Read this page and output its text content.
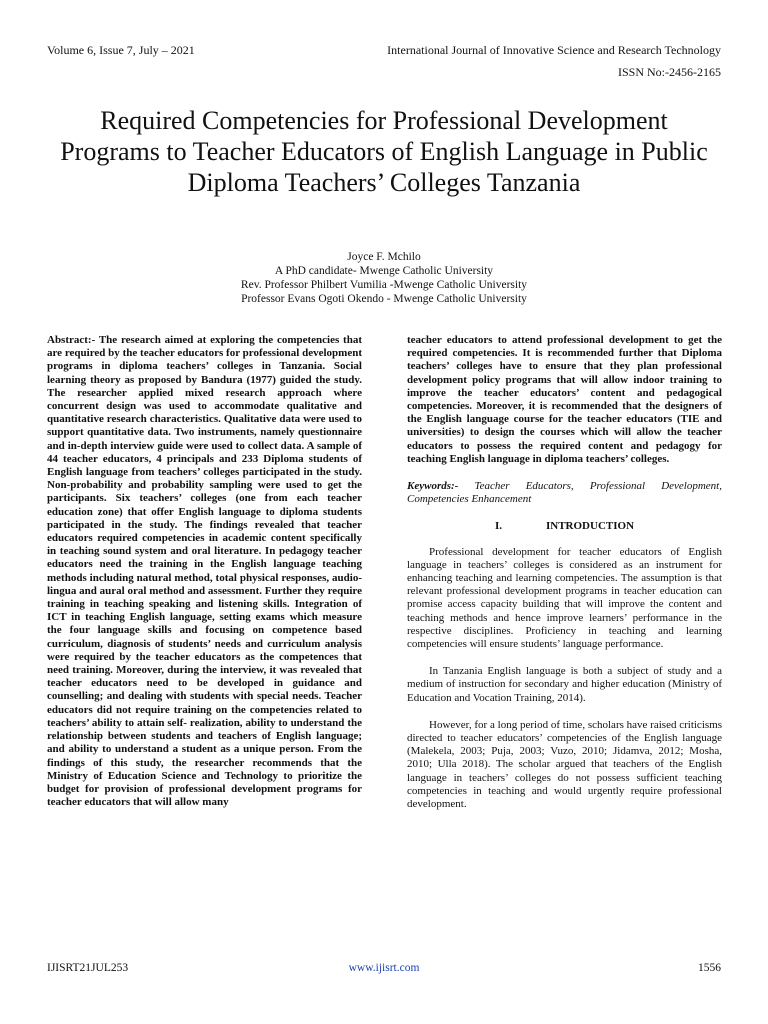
Volume 6, Issue 7, July – 2021	International Journal of Innovative Science and Research Technology
ISSN No:-2456-2165
Required Competencies for Professional Development Programs to Teacher Educators of English Language in Public Diploma Teachers’ Colleges Tanzania
Joyce F. Mchilo
A PhD candidate- Mwenge Catholic University
Rev. Professor Philbert Vumilia -Mwenge Catholic University
Professor Evans Ogoti Okendo - Mwenge Catholic University

Abstract:- The research aimed at exploring the competencies that are required by the teacher educators for professional development programs in diploma teachers’ colleges in Tanzania. Social learning theory as proposed by Bandura (1977) guided the study. The researcher applied mixed research approach where concurrent design was used to accommodate qualitative and quantitative research characteristics. Qualitative data were used to support quantitative data. Two instruments, namely questionnaire and in-depth interview guide were used to collect data. A sample of 44 teacher educators, 4 principals and 233 Diploma students of English language from teachers’ colleges participated in the study. Non-probability and probability sampling were used to get the participants. Six teachers’ colleges (one from each teacher education zone) that offer English language to diploma students participated in the study. The findings revealed that teacher educators required competencies in academic content specifically in teaching sound system and oral literature. In pedagogy teacher educators need the training in the English language teaching methods including natural method, total physical responses, audio- lingua and aural oral method and assessment. Further they require training in teaching speaking and listening skills. Integration of ICT in teaching English language, setting exams which measure the four language skills and focusing on competence based curriculum, diagnosis of students’ needs and curriculum analysis were required by the teacher educators as the competences that need training. Moreover, during the interview, it was revealed that teacher educators need to be developed in guidance and counselling; and dealing with students with special needs. Teacher educators did not require training on the competencies related to teachers’ ability to attain self- realization, ability to understand the relationship between students and teachers of English language; and ability to understand a student as a unique person. From the findings of this study, the researcher recommends that the Ministry of Education Science and Technology to prioritize the budget for provision of professional development programs for teacher educators that will allow many

teacher educators to attend professional development to get the required competencies. It is recommended further that Diploma teachers’ colleges have to ensure that they plan professional development policy programs that will allow indoor training to improve the teacher educators’ content and pedagogical competencies. Moreover, it is recommended that the designers of the English language course for the teacher educators (TIE and universities) to design the courses which will allow the teacher educators to possess the required content and pedagogy for teaching English language in diploma teachers’ colleges.

Keywords:- Teacher Educators, Professional Development, Competencies Enhancement

I.	INTRODUCTION

Professional development for teacher educators of English language in teachers’ colleges is considered as an instrument for enhancing teaching and learning competencies. The assumption is that relevant professional development programs in teacher education can promise access capacity building that will improve the content and teaching methods and hence improve learners’ performance in the respective disciplines. Proficiency in teaching and learning competencies will ensure students’ language performance.

In Tanzania English language is both a subject of study and a medium of instruction for secondary and higher education (Ministry of Education and Vocation Training, 2014).

However, for a long period of time, scholars have raised criticisms directed to teacher educators’ competencies of the English language (Malekela, 2003; Puja, 2003; Vuzo, 2010; Jidamva, 2012; Mosha, 2010; Ulla 2018). The scholar argued that teachers of the English language in teachers’ colleges do not possess sufficient teaching competencies in teaching and would urgently require professional development.

IJISRT21JUL253	www.ijisrt.com	1556
